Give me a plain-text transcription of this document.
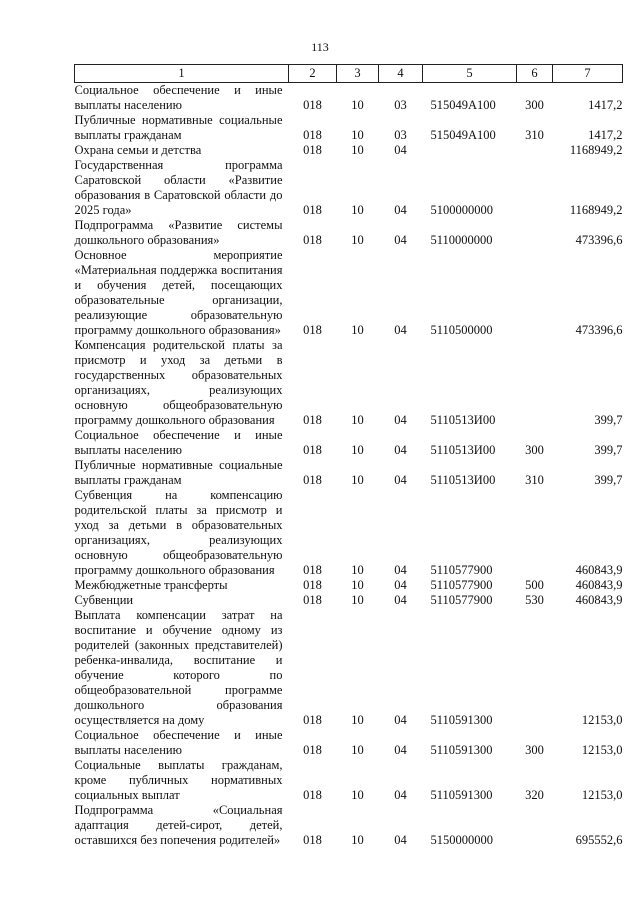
113
1	2	3	4	5	6	7
Социальное обеспечение и иные выплаты населению	018	10	03	515049А100	300	1417,2
Публичные нормативные социальные выплаты гражданам	018	10	03	515049А100	310	1417,2
Охрана семьи и детства	018	10	04			1168949,2
Государственная программа Саратовской области «Развитие образования в Саратовской области до 2025 года»	018	10	04	5100000000		1168949,2
Подпрограмма «Развитие системы дошкольного образования»	018	10	04	5110000000		473396,6
Основное мероприятие «Материальная поддержка воспитания и обучения детей, посещающих образовательные организации, реализующие образовательную программу дошкольного образования»	018	10	04	5110500000		473396,6
Компенсация родительской платы за присмотр и уход за детьми в государственных образовательных организациях, реализующих основную общеобразовательную программу дошкольного образования	018	10	04	5110513И00		399,7
Социальное обеспечение и иные выплаты населению	018	10	04	5110513И00	300	399,7
Публичные нормативные социальные выплаты гражданам	018	10	04	5110513И00	310	399,7
Субвенция на компенсацию родительской платы за присмотр и уход за детьми в образовательных организациях, реализующих основную общеобразовательную программу дошкольного образования	018	10	04	5110577900		460843,9
Межбюджетные трансферты	018	10	04	5110577900	500	460843,9
Субвенции	018	10	04	5110577900	530	460843,9
Выплата компенсации затрат на воспитание и обучение одному из родителей (законных представителей) ребенка-инвалида, воспитание и обучение которого по общеобразовательной программе дошкольного образования осуществляется на дому	018	10	04	5110591300		12153,0
Социальное обеспечение и иные выплаты населению	018	10	04	5110591300	300	12153,0
Социальные выплаты гражданам, кроме публичных нормативных социальных выплат	018	10	04	5110591300	320	12153,0
Подпрограмма «Социальная адаптация детей-сирот, детей, оставшихся без попечения родителей»	018	10	04	5150000000		695552,6
